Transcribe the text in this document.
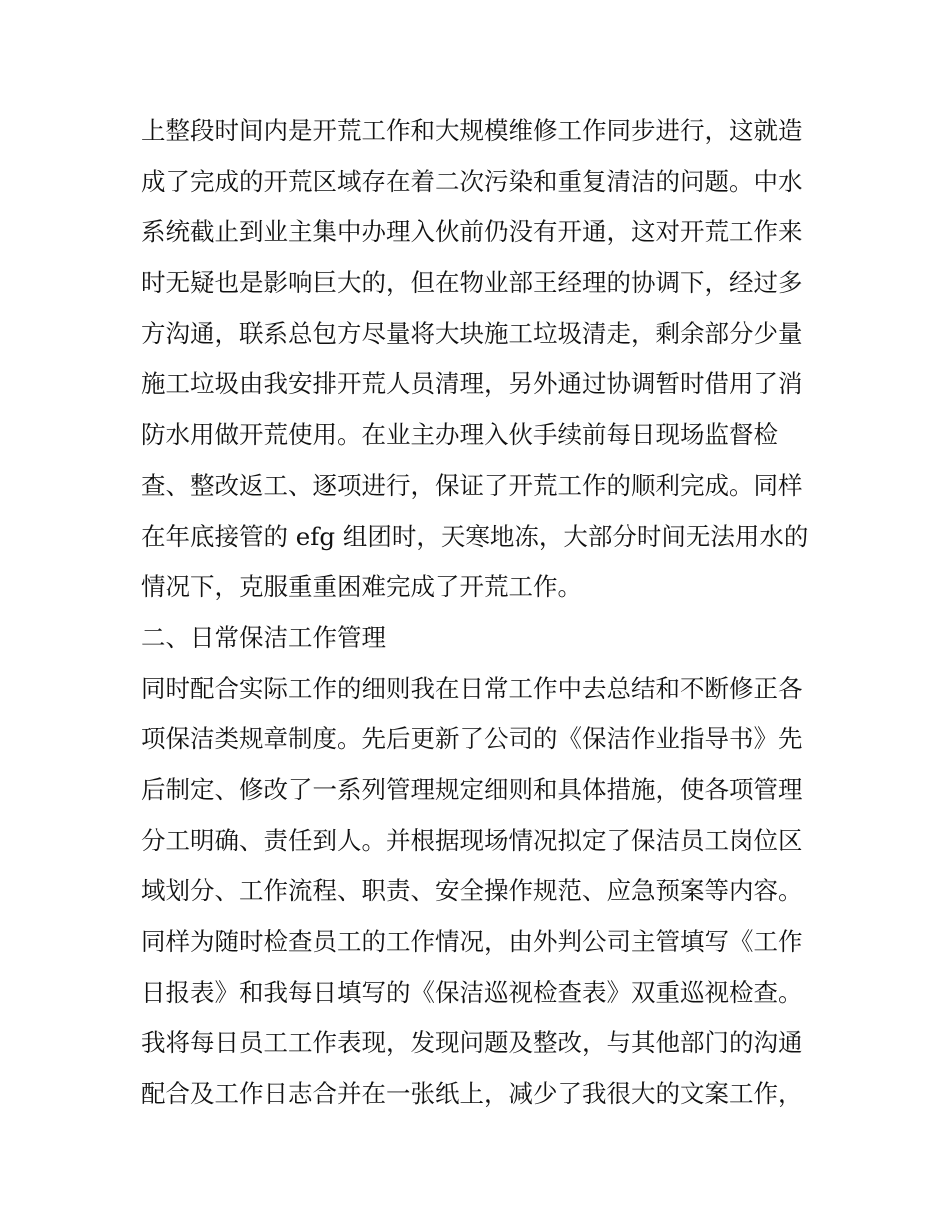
上整段时间内是开荒工作和大规模维修工作同步进行，这就造
成了完成的开荒区域存在着二次污染和重复清洁的问题。中水
系统截止到业主集中办理入伙前仍没有开通，这对开荒工作来
时无疑也是影响巨大的，但在物业部王经理的协调下，经过多
方沟通，联系总包方尽量将大块施工垃圾清走，剩余部分少量
施工垃圾由我安排开荒人员清理，另外通过协调暂时借用了消
防水用做开荒使用。在业主办理入伙手续前每日现场监督检
查、整改返工、逐项进行，保证了开荒工作的顺利完成。同样
在年底接管的 efg 组团时，天寒地冻，大部分时间无法用水的
情况下，克服重重困难完成了开荒工作。
二、日常保洁工作管理
同时配合实际工作的细则我在日常工作中去总结和不断修正各
项保洁类规章制度。先后更新了公司的《保洁作业指导书》先
后制定、修改了一系列管理规定细则和具体措施，使各项管理
分工明确、责任到人。并根据现场情况拟定了保洁员工岗位区
域划分、工作流程、职责、安全操作规范、应急预案等内容。
同样为随时检查员工的工作情况，由外判公司主管填写《工作
日报表》和我每日填写的《保洁巡视检查表》双重巡视检查。
我将每日员工工作表现，发现问题及整改，与其他部门的沟通
配合及工作日志合并在一张纸上，减少了我很大的文案工作，
